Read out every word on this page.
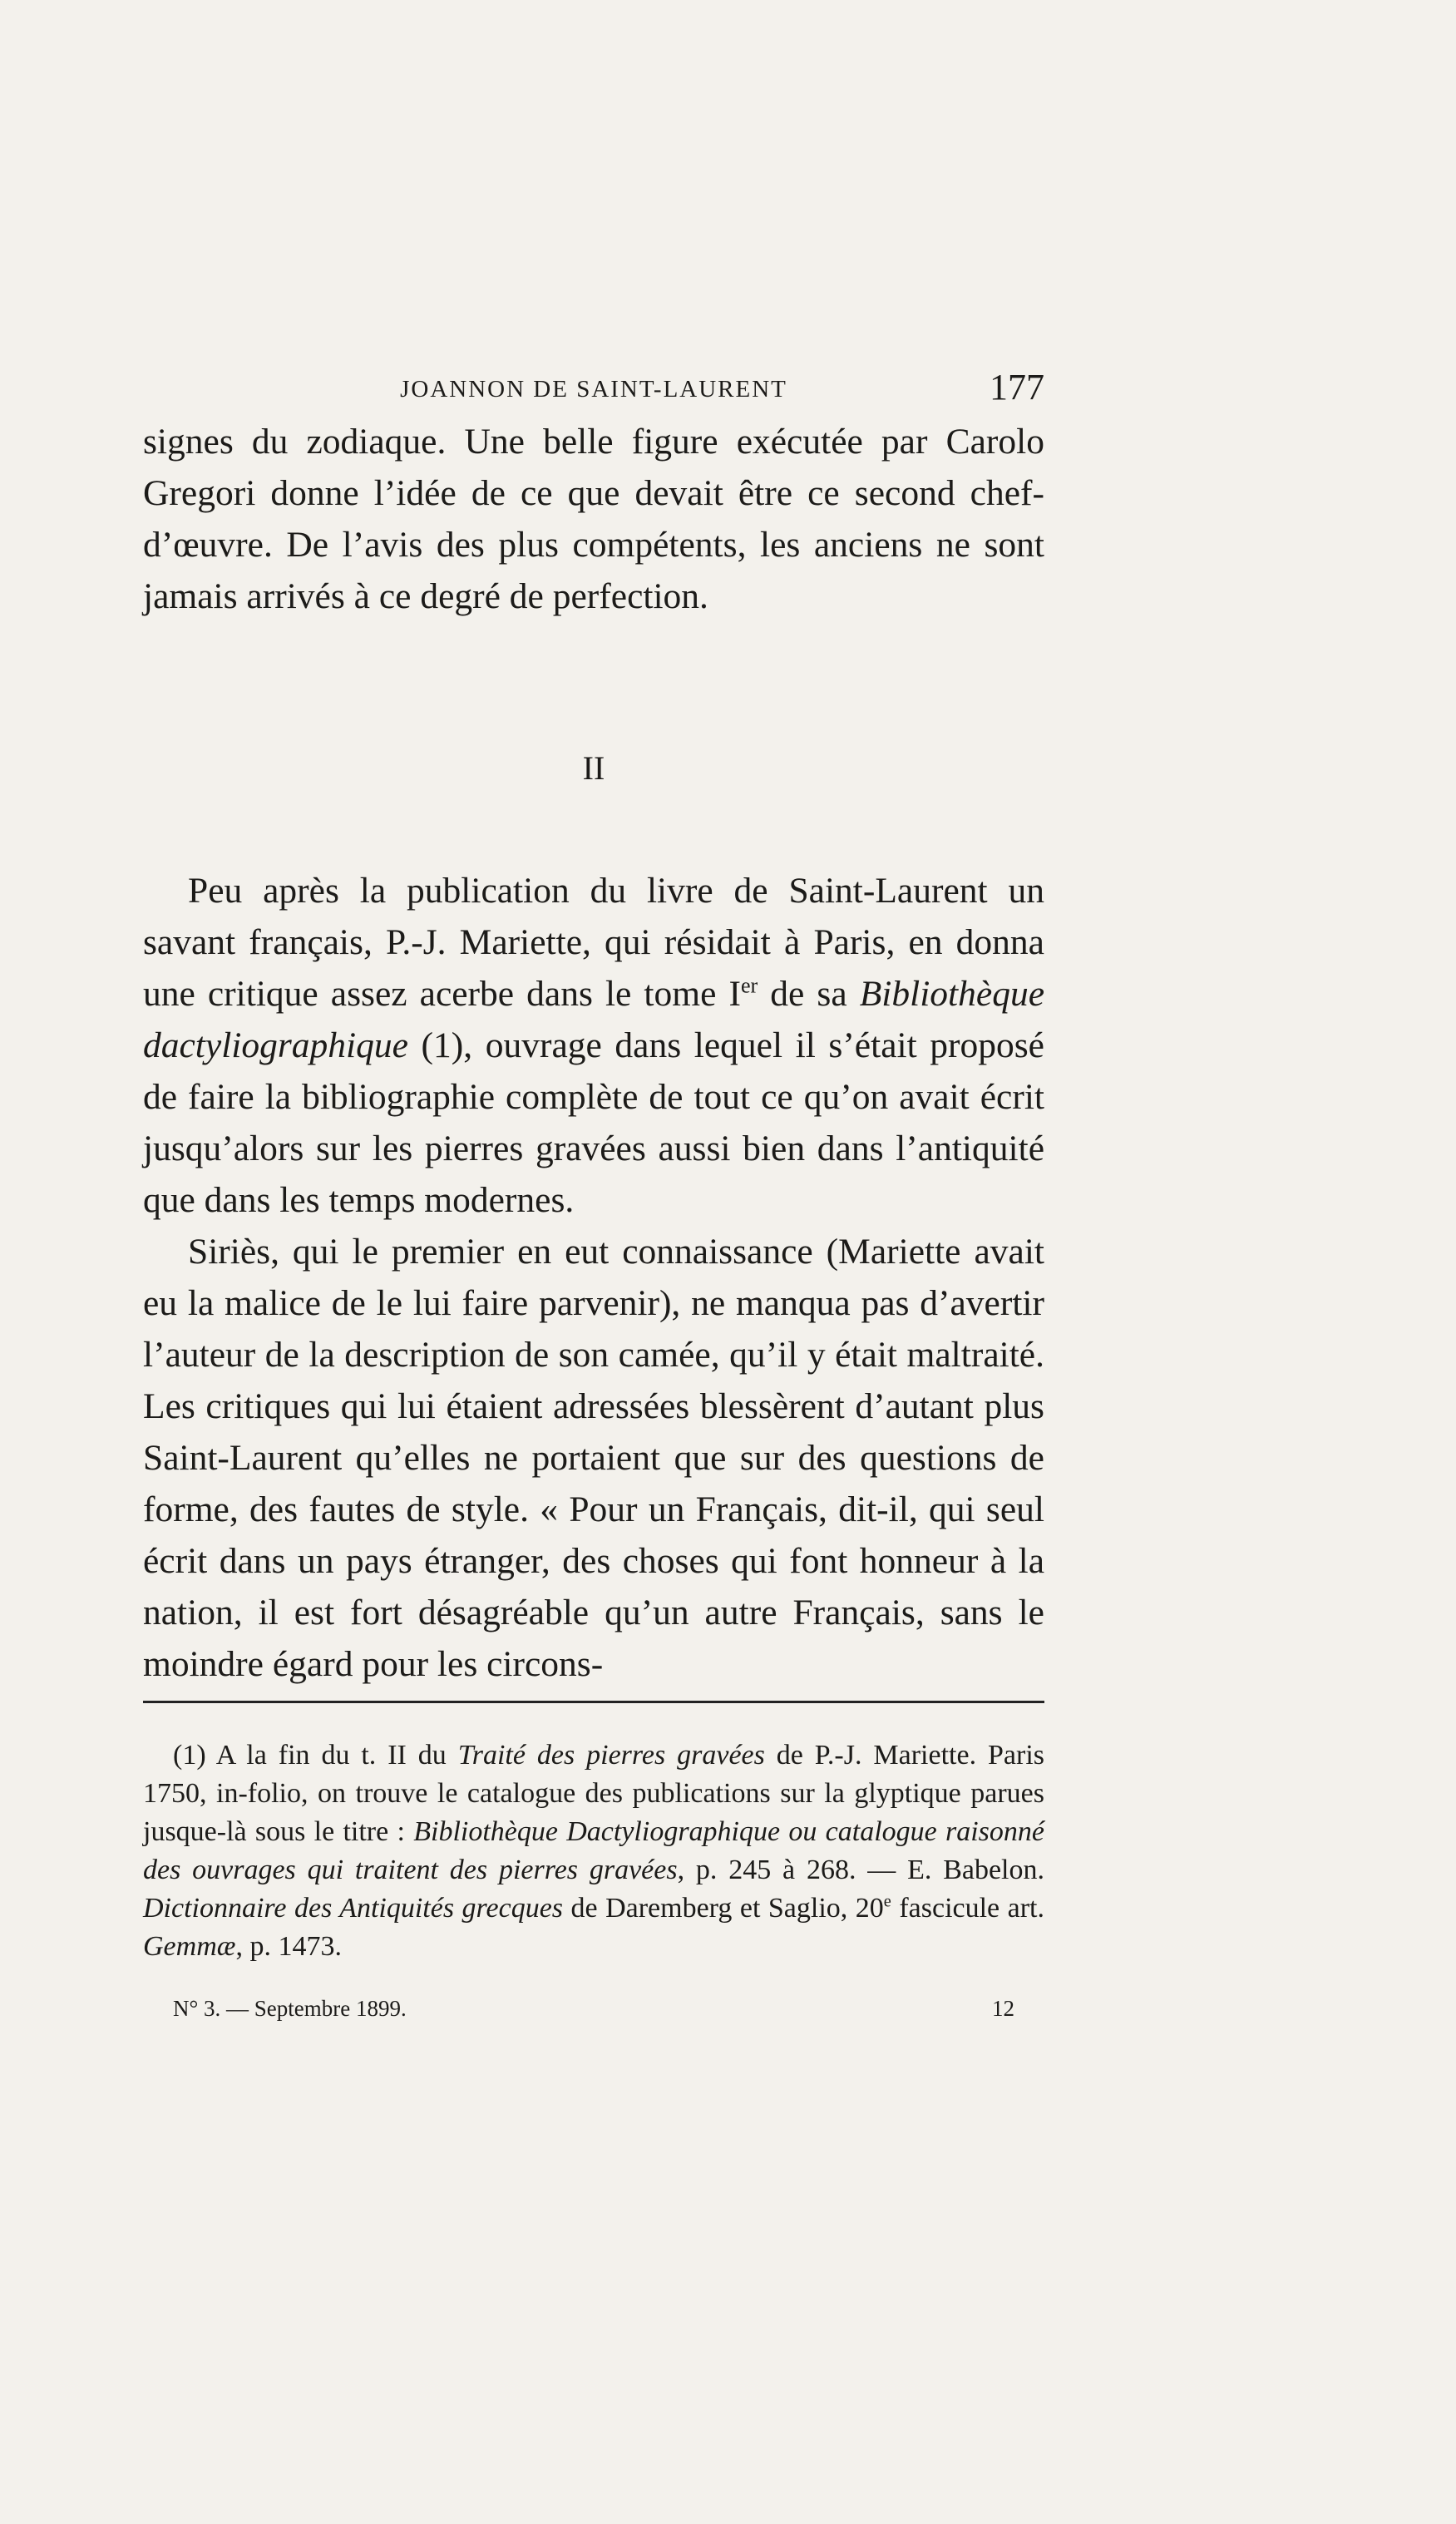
JOANNON DE SAINT-LAURENT	177

signes du zodiaque. Une belle figure exécutée par Carolo Gregori donne l’idée de ce que devait être ce second chef-d’œuvre. De l’avis des plus compétents, les anciens ne sont jamais arrivés à ce degré de perfection.

II

Peu après la publication du livre de Saint-Laurent un savant français, P.-J. Mariette, qui résidait à Paris, en donna une critique assez acerbe dans le tome Ier de sa Bibliothèque dactyliographique (1), ouvrage dans lequel il s’était proposé de faire la bibliographie complète de tout ce qu’on avait écrit jusqu’alors sur les pierres gravées aussi bien dans l’antiquité que dans les temps modernes.

Siriès, qui le premier en eut connaissance (Mariette avait eu la malice de le lui faire parvenir), ne manqua pas d’avertir l’auteur de la description de son camée, qu’il y était maltraité. Les critiques qui lui étaient adressées blessèrent d’autant plus Saint-Laurent qu’elles ne portaient que sur des questions de forme, des fautes de style. « Pour un Français, dit-il, qui seul écrit dans un pays étranger, des choses qui font honneur à la nation, il est fort désagréable qu’un autre Français, sans le moindre égard pour les circons-

(1) A la fin du t. II du Traité des pierres gravées de P.-J. Mariette. Paris 1750, in-folio, on trouve le catalogue des publications sur la glyptique parues jusque-là sous le titre : Bibliothèque Dactyliographique ou catalogue raisonné des ouvrages qui traitent des pierres gravées, p. 245 à 268. — E. Babelon. Dictionnaire des Antiquités grecques de Daremberg et Saglio, 20e fascicule art. Gemmæ, p. 1473.

N° 3. — Septembre 1899.	12
